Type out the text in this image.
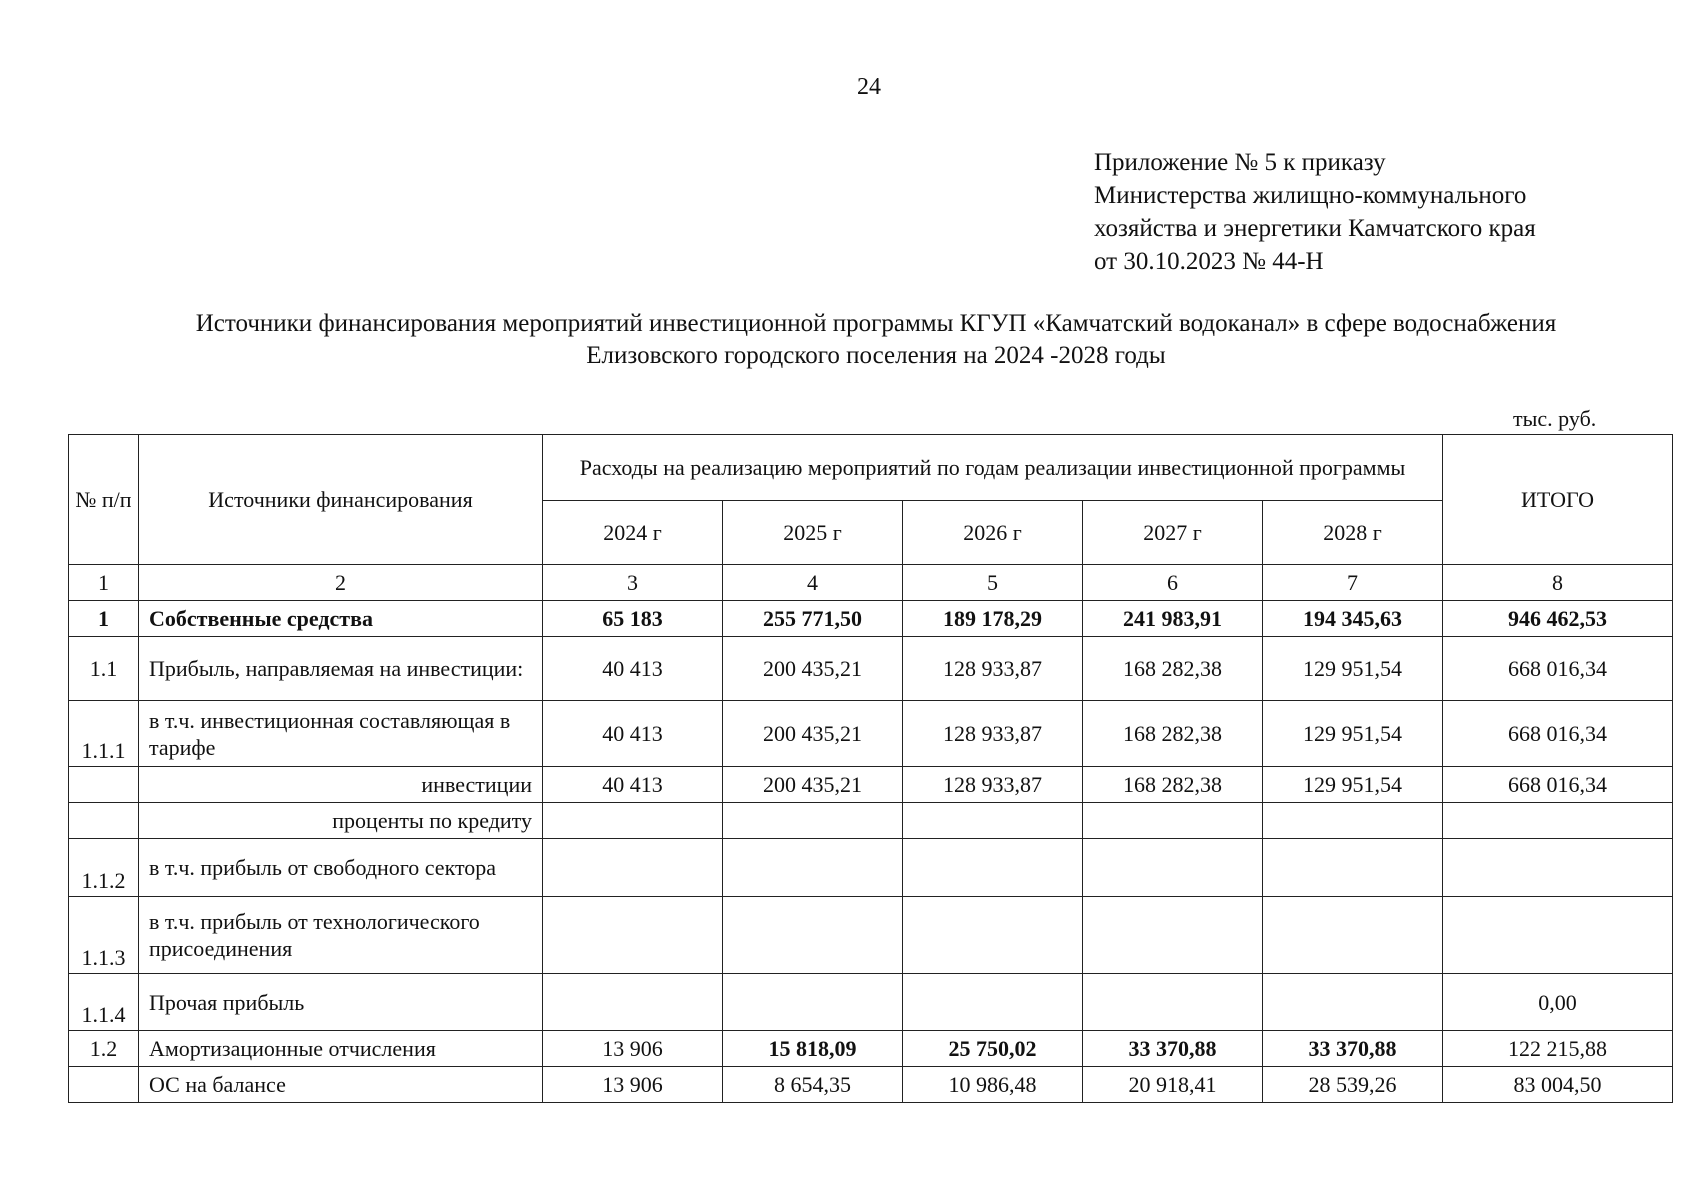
24
Приложение № 5 к приказу
Министерства жилищно-коммунального
хозяйства и энергетики Камчатского края
от 30.10.2023 № 44-Н
Источники финансирования мероприятий инвестиционной программы КГУП «Камчатский водоканал» в сфере водоснабжения
Елизовского городского поселения на 2024 -2028 годы
тыс. руб.
№ п/п	Источники финансирования	Расходы на реализацию мероприятий по годам реализации инвестиционной программы					ИТОГО
		2024 г	2025 г	2026 г	2027 г	2028 г	
1	2	3	4	5	6	7	8
1	Собственные средства	65 183	255 771,50	189 178,29	241 983,91	194 345,63	946 462,53
1.1	Прибыль, направляемая на инвестиции:	40 413	200 435,21	128 933,87	168 282,38	129 951,54	668 016,34
1.1.1	в т.ч. инвестиционная составляющая в тарифе	40 413	200 435,21	128 933,87	168 282,38	129 951,54	668 016,34
	инвестиции	40 413	200 435,21	128 933,87	168 282,38	129 951,54	668 016,34
	проценты по кредиту						
1.1.2	в т.ч. прибыль от свободного сектора						
1.1.3	в т.ч. прибыль от технологического присоединения						
1.1.4	Прочая прибыль						0,00
1.2	Амортизационные отчисления	13 906	15 818,09	25 750,02	33 370,88	33 370,88	122 215,88
	ОС на балансе	13 906	8 654,35	10 986,48	20 918,41	28 539,26	83 004,50
